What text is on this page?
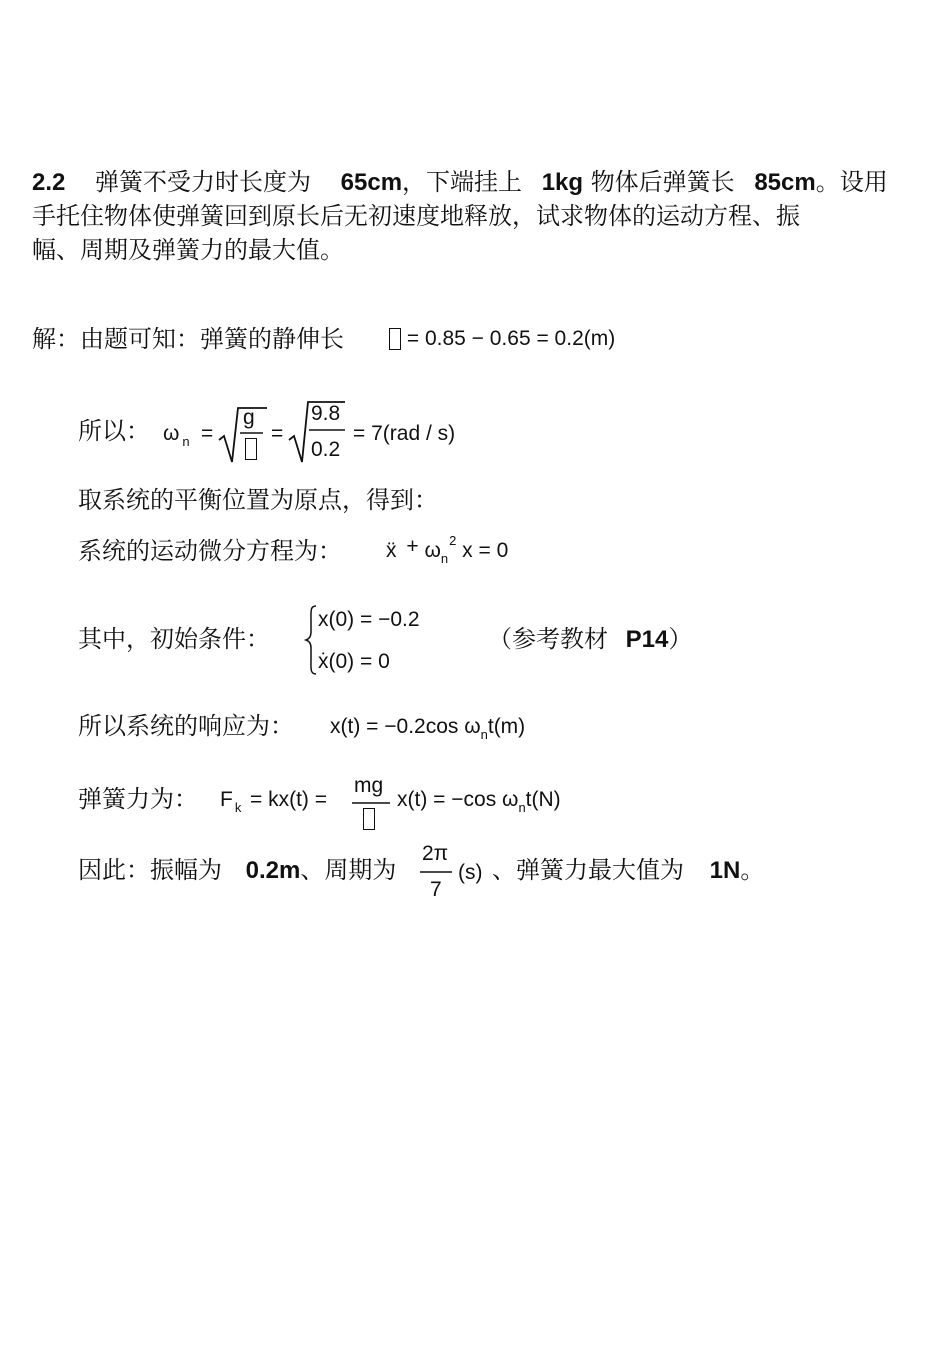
2.2 弹簧不受力时长度为 65cm，下端挂上 1kg 物体后弹簧长 85cm。设用
手托住物体使弹簧回到原长后无初速度地释放，试求物体的运动方程、振
幅、周期及弹簧力的最大值。
解：由题可知：弹簧的静伸长	= 0.85 − 0.65 = 0.2(m)
所以： ω $_n$ =
g
=
9.8
0.2
= 7(rad / s)
取系统的平衡位置为原点，得到：
系统的运动微分方程为： ẍ + $\omega_n^2$ x = 0
其中，初始条件：
x(0) = −0.2
ẋ(0) = 0
（参考教材 P14）
所以系统的响应为： x(t) = −0.2cos $\omega_nt(m)$
弹簧力为： F $_k$ = kx(t) =
mg
x(t) = −cos $\omega_nt(N)$
因此：振幅为 0.2m、周期为
2π
7
(s) 、弹簧力最大值为 1N。
